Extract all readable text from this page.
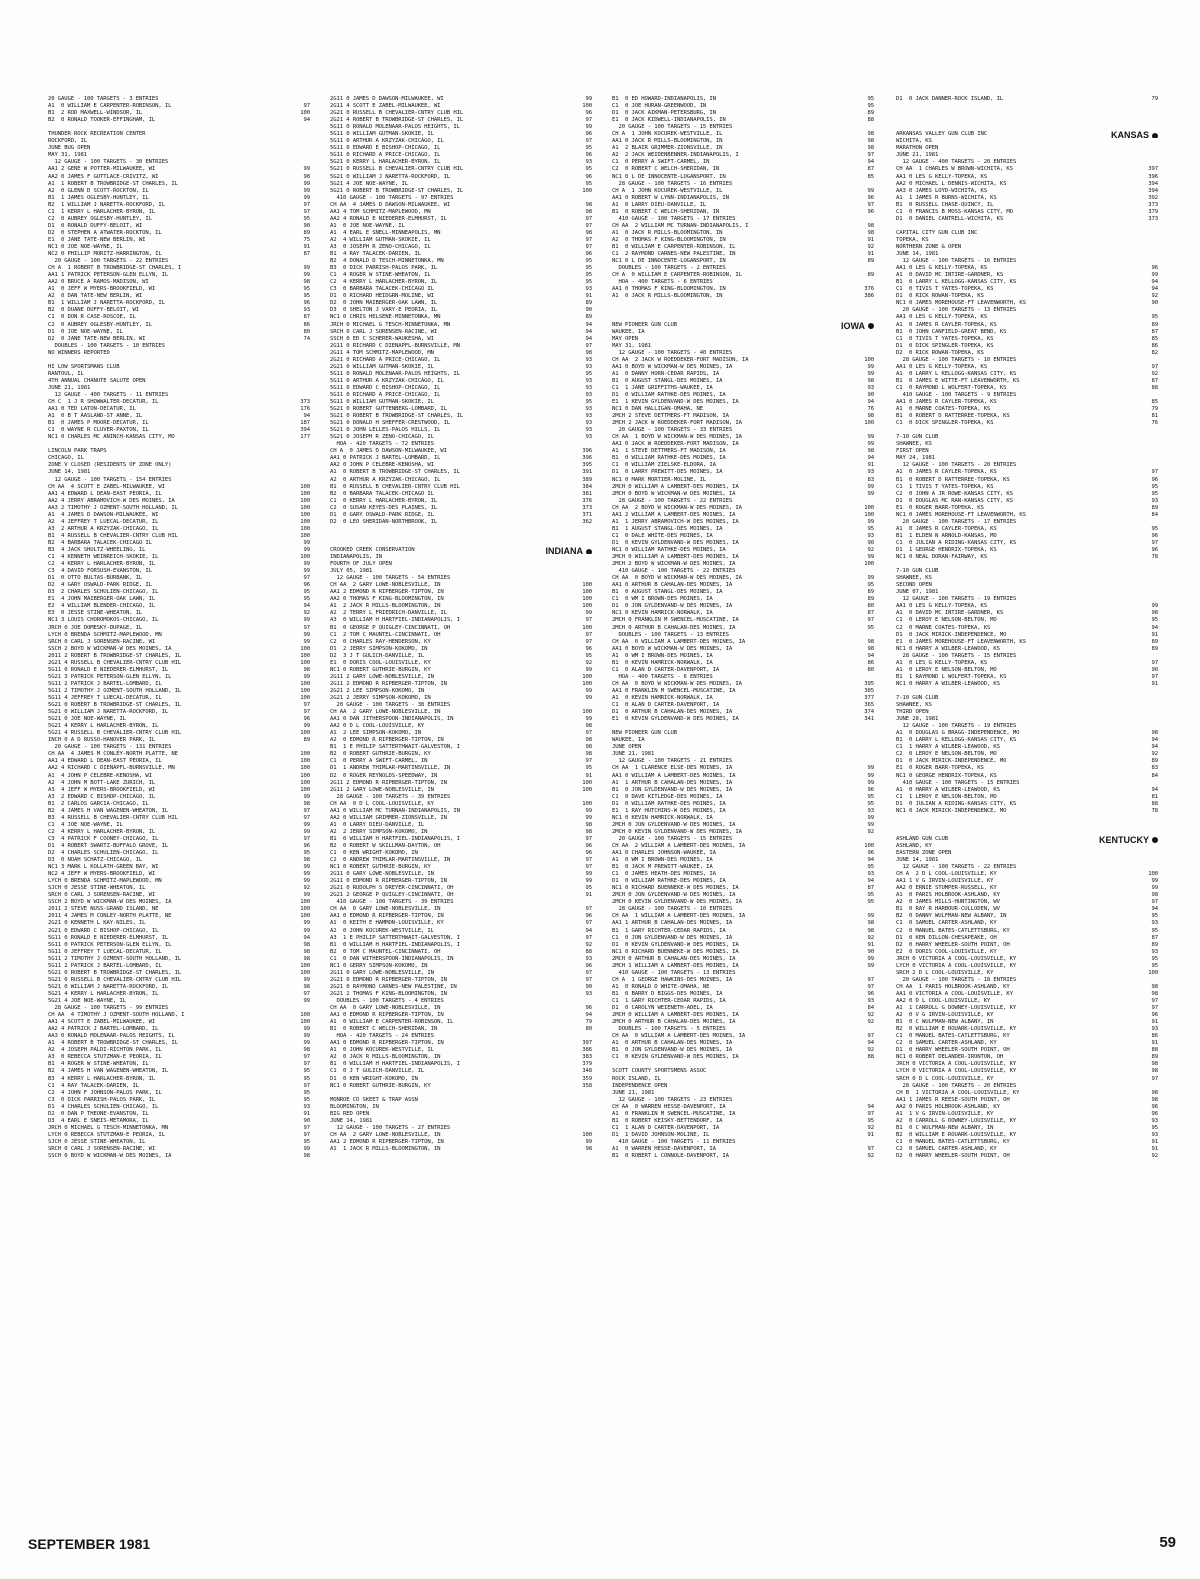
20 GAUGE - 100 TARGETS - 3 ENTRIES
A1  0 WILLIAM E CARPENTER-ROBINSON, IL	97
B1  2 ROD MAXWELL-WINDSOR, IL	100
B2  0 RONALD TOOKER-EFFINGHAM, IL	94
THUNDER ROCK RECREATION CENTER
ROCKFORD, IL
JUNE BUG OPEN
MAY 31, 1981
12 GAUGE - 100 TARGETS - 30 ENTRIES
AA1 2 GENE W POTTER-MILWAUKEE, WI	99
AA2 0 JAMES F GUTTLACE-CRIVITZ, WI	98
A1  1 ROBERT B TROWBRIDGE-ST CHARLES, IL	99
A2  0 GLENN D SCOTT-ROCKTON, IL	99
B1  1 JAMES OGLESBY-HUNTLEY, IL	99
B2  1 WILLIAM J NARETTA-ROCKFORD, IL	97
C1  1 KERRY L HARLACHER-BYRON, IL	97
C2  0 AUBREY OGLESBY-HUNTLEY, IL	95
D1  0 RONALD DUFFY-BELOIT, WI	90
D2  0 STEPHEN A ATWATER-ROCKTON, IL	89
E1  0 JANE TATE-NEW BERLIN, WI	75
NC1 0 JOE NOE-WAYNE, IL	91
NC2 0 PHILLIP MORITZ-HARRINGTON, IL	87
20 GAUGE - 100 TARGETS - 22 ENTRIES
CH A  1 ROBERT B TROWBRIDGE-ST CHARLES, I	99
AA1 1 PATRICK PETERSON-GLEN ELLYN, IL	99
AA2 0 BRUCE A RAMOS-MADISON, WI	98
A1  0 JEFF W MYERS-BROOKFIELD, WI	95
A2  0 DAN TATE-NEW BERLIN, WI	95
B1  1 WILLIAM J NARETTA-ROCKFORD, IL	96
B2  0 DUANE DUFFY-BELOIT, WI	93
C1  0 DON R CASE-ROSCOE, IL	87
C2  0 AUBREY OGLESBY-HUNTLEY, IL	86
D1  0 JOE NOE-WAYNE, IL	80
D2  0 JANE TATE-NEW BERLIN, WI	74
DOUBLES - 100 TARGETS - 10 ENTRIES
NO WINNERS REPORTED
HI LOW SPORTSMANS CLUB
RANTOUL, IL
4TH ANNUAL CHANUTE SALUTE OPEN
JUNE 21, 1981
12 GAUGE - 400 TARGETS - 11 ENTRIES
CH C  1 J R SHOWWALTER-DECATUR, IL	373
AA1 0 TED LATON-DECATUR, IL	176
A1  0 B T AASLAND-ST ANNE, IL	94
B1  0 JAMES P MOORE-DECATUR, IL	187
C1  0 WAYNE R CLUVER-PAXTON, IL	394
NC1 0 CHARLES MC ANINCH-KANSAS CITY, MO	177
LINCOLN PARK TRAPS
CHICAGO, IL
ZONE V CLOSED (RESIDENTS OF ZONE ONLY)
JUNE 14, 1981
12 GAUGE - 100 TARGETS - 154 ENTRIES
CH AA  4 SCOTT E ZABEL-MILWAUKEE, WI	100
AA1 4 EDWARD L DEAN-EAST PEORIA, IL	100
AA2 4 JERRY ABRAMOVICH-W DES MOINES, IA	100
AA3 2 TIMOTHY J OZMENT-SOUTH HOLLAND, IL	100
A1  4 JAMES D DAWSON-MILWAUKEE, WI	100
A2  4 JEFFREY T LUECAL-DECATUR, IL	100
A3  2 ARTHUR A KRZYZAK-CHICAGO, IL	100
B1  4 RUSSELL B CHEVALIER-CNTRY CLUB HIL	100
B2  4 BARBARA TALACEK-CHICAGO IL	99
B3  4 JACK SHULTZ-WHEELING, IL	99
C1  4 KENNETH WEINREICH-SKOKIE, IL	100
C2  4 KERRY L HARLACHER-BYRON, IL	99
C3  4 DAVID FORSUSH-EVANSTON, IL	99
D1  0 OTTO BULTAS-BURBANK, IL	97
D2  4 GARY OSWALD-PARK RIDGE, IL	96
D3  2 CHARLES SCHULIEN-CHICAGO, IL	95
E1  4 JOHN MAIBERGER-OAK LAWN, IL	95
E2  4 WILLIAM BLENDER-CHICAGO, IL	94
E3  0 JESSE STINE-WHEATON, IL	92
NC1 3 LOUIS CHOROMOKOS-CHICAGO, IL	99
JRCH 0 JOE DOMESKY-DUPAGE, IL	97
LYCH 0 BRENDA SCHMITZ-MAPLEWOOD, MN	99
SRCH 0 CARL J SORENSEN-RACINE, WI	99
SSCH 2 BOYD W WICKMAN-W DES MOINES, IA	100
2011 2 ROBERT B TROWBRIDGE-ST CHARLES, IL	100
2G21 4 RUSSELL B CHEVALIER-CNTRY CLUB HIL	100
5G11 0 RONALD E NIEDERER-ELMHURST, IL	98
5G21 3 PATRICK PETERSON-GLEN ELLYN, IL	99
5G11 2 PATRICK J BARTEL-LOMBARD, IL	100
5G11 2 TIMOTHY J OZMENT-SOUTH HOLLAND, IL	100
5G11 4 JEFFREY T LUECAL-DECATUR, IL	100
5G21 0 ROBERT B TROWBRIDGE-ST CHARLES, IL	97
5G21 0 WILLIAM J NARETTA-ROCKFORD, IL	97
5G21 0 JOE NOE-WAYNE, IL	96
5G21 4 KERRY L HARLACHER-BYRON, IL	99
5G21 4 RUSSELL B CHEVALIER-CNTRY CLUB HIL	100
INCH 0 A D RUSSO-HANOVER PARK, IL	89
20 GAUGE - 100 TARGETS - 131 ENTRIES
CH AA  4 JAMES M CONLEY-NORTH PLATTE, NE	100
AA1 4 EDWARD L DEAN-EAST PEORIA, IL	100
AA2 4 RICHARD C DIENAPFL-BURNSVILLE, MN	100
A1  4 JOHN P CELEBRE-KENOSHA, WI	100
A2  4 JOHN M BOTT-LAKE ZURICH, IL	100
A3  4 JEFF W MYERS-BROOKFIELD, WI	100
A3  2 EDWARD C BISHOP-CHICAGO, IL	99
B1  2 CARLOS GARCIA-CHICAGO, IL	98
B2  4 JAMES H VAN WAGENEN-WHEATON, IL	97
B3  4 RUSSELL B CHEVALIER-CNTRY CLUB HIL	97
C1  4 JOE NOE-WAYNE, IL	99
C2  4 KERRY L HARLACHER-BYRON, IL	99
C3  4 PATRICK F COONEY-CHICAGO, IL	97
D1  4 ROBERT SWARTZ-BUFFALO GROVE, IL	96
D2  4 CHARLES SCHULIEN-CHICAGO, IL	95
D3  0 NOAH SCHATZ-CHICAGO, IL	98
NC1 3 MARK L KOLLATH-GREEN BAY, WI	99
NC2 4 JEFF W MYERS-BROOKFIELD, WI	99
LYCH 0 BRENDA SCHMITZ-MAPLEWOOD, MN	99
SJCH 0 JESSE STINE-WHEATON, IL	92
SRCH 0 CARL J SORENSEN-RACINE, WI	99
SSCH 2 BOYD W WICKMAN-W DES MOINES, IA	100
2011 2 STEVE NUSS-GRAND ISLAND, NE	100
2011 4 JAMES M CONLEY-NORTH PLATTE, NE	100
2G21 0 KENNETH L KAY-NILES, IL	99
2G21 0 EDWARD C BISHOP-CHICAGO, IL	99
5G11 0 RONALD E NIEDERER-ELMHURST, IL	94
5G11 0 PATRICK PETERSON-GLEN ELLYN, IL	98
5G11 0 JEFFREY T LUECAL-DECATUR, IL	98
5G11 2 TIMOTHY J OZMENT-SOUTH HOLLAND, IL	98
5G11 2 PATRICK J BARTEL-LOMBARD, IL	100
5G21 0 ROBERT B TROWBRIDGE-ST CHARLES, IL	100
5G21 0 RUSSELL B CHEVALIER-CNTRY CLUB HIL	99
5G21 0 WILLIAM J NARETTA-ROCKFORD, IL	98
5G21 4 KERRY L HARLACHER-BYRON, IL	97
5G21 4 JOE NOE-WAYNE, IL	99
28 GAUGE - 100 TARGETS - 99 ENTRIES
CH AA  4 TIMOTHY J OZMENT-SOUTH HOLLAND, I	100
AA1 4 SCOTT E ZABEL-MILWAUKEE, WI	100
AA2 4 PATRICK J BARTEL-LOMBARD, IL	99
AA3 0 RONALD MOLENAAR-PALOS HEIGHTS, IL	99
A1  4 ROBERT B TROWBRIDGE-ST CHARLES, IL	99
A2  4 JOSEPH PALDI-RICHTON PARK, IL	98
A3  0 REBECCA STUTZMAN-E PEORIA, IL	97
B1  4 ROGER W STINE-WHEATON, IL	97
B2  4 JAMES H VAN WAGENEN-WHEATON, IL	95
B3  4 KERRY L HARLACHER-BYRON, IL	95
C1  4 RAY TALACEK-DARIEN, IL	97
C2  4 JOHN F JOHNSON-PALOS PARK, IL	95
C3  0 DICK PARRISH-PALOS PARK, IL	95
D1  4 CHARLES SCHULIEN-CHICAGO, IL	93
D2  0 DAN P THEONE-EVANSTON, IL	91
D3  4 EARL E SNEIS-METAMORA, IL	90
JRCH 0 MICHAEL G TESCH-MINNETONKA, MN	97
LYCH 0 REBECCA STUTZMAN-E PEORIA, IL	97
SJCH 0 JESSE STINE-WHEATON, IL	95
SRCH 0 CARL J SORENSEN-RACINE, WI	99
SSCH 0 BOYD W WICKMAN-W DES MOINES, IA	98
2G11 0 JAMES D DAWSON-MILWAUKEE, WI	99
2G11 4 SCOTT E ZABEL-MILWAUKEE, WI	100
2G21 0 RUSSELL B CHEVALIER-CNTRY CLUB HIL	96
2G21 4 ROBERT B TROWBRIDGE-ST CHARLES, IL	97
5G11 0 RONALD MOLENAAR-PALOS HEIGHTS, IL	99
5G11 0 WILLIAM GUTMAN-SKOKIE, IL	96
5G11 0 ARTHUR A KRZYZAK-CHICAGO, IL	97
5G11 0 EDWARD E BISHOP-CHICAGO, IL	95
5G11 0 RICHARD A PRICE-CHICAGO, IL	96
5G21 0 KERRY L HARLACHER-BYRON, IL	93
5G21 0 RUSSELL B CHEVALIER-CNTRY CLUB HIL	95
5G21 0 WILLIAM J NARETTA-ROCKFORD, IL	96
5G21 4 JOE NOE-WAYNE, IL	95
5G21 0 ROBERT B TROWBRIDGE-ST CHARLES, IL	100
410 GAUGE - 100 TARGETS - 97 ENTRIES
CH AA  4 JAMES D DAWSON-MILWAUKEE, WI	98
AA1 4 TOM SCHMITZ-MAPLEWOOD, MN	98
AA2 4 RONALD E NIEDERER-ELMHURST, IL	97
A1  0 JOE NOE-WAYNE, IL	97
A1  4 EARL E SNELL-MINNEAPOLIS, MN	98
A2  4 WILLIAM GUTMAN-SKOKIE, IL	97
A3  0 JOSEPH R ZENO-CHICAGO, IL	97
B1  4 RAY TALACEK-DARIEN, IL	96
B2  4 DONALD D TESCH-MINNETONKA, MN	95
B3  0 DICK PARRISH-PALOS PARK, IL	95
C1  4 ROGER W STINE-WHEATON, IL	95
C2  4 KERRY L HARLACHER-BYRON, IL	95
C3  0 BARBARA TALACEK-CHICAGO IL	93
D1  0 RICHARD HEIDGRN-MOLINE, WI	91
D2  0 JOHN MAIBERGER-OAK LAWN, IL	89
D3  0 SHELTON J VARY-E PEORIA, IL	90
NC1 0 CHRIS HELSENE-MINNETONKA, MN	89
JRCH 0 MICHAEL G TESCH-MINNETONKA, MN	94
SRCH 0 CARL J SORENSEN-RACINE, WI	94
SSCH 0 ED C SCHERER-WAUKESHA, WI	94
2G11 0 RICHARD C DIENAPFL-BURNSVILLE, MN	97
2G11 4 TOM SCHMITZ-MAPLEWOOD, MN	98
2G21 0 RICHARD A PRICE-CHICAGO, IL	93
2G21 0 WILLIAM GUTMAN-SKOKIE, IL	93
5G11 0 RONALD MOLENAAR-PALOS HEIGHTS, IL	95
5G11 0 ARTHUR A KRZYZAK-CHICAGO, IL	93
5G11 0 EDWARD C BISHOP-CHICAGO, IL	93
5G11 0 RICHARD A PRICE-CHICAGO, IL	93
5G11 0 WILLIAM GUTMAN-SKOKIE, IL	95
5G21 0 ROBERT GUTTENBERG-LOMBARD, IL	93
5G21 0 ROBERT B TROWBRIDGE-ST CHARLES, IL	93
5G21 0 DONALD H SHEFFER-CRESTWOOD, IL	93
5G21 0 JOHN LELLES-PALOS HILLS, IL	93
5G21 0 JOSEPH R ZENO-CHICAGO, IL	93
HOA - 420 TARGETS - 72 ENTRIES
CH A  0 JAMES D DAWSON-MILWAUKEE, WI	396
AA1 0 PATRICK J BARTEL-LOMBARD, IL	396
AA2 0 JOHN P CELEBRE-KENOSHA, WI	395
A1  0 ROBERT B TROWBRIDGE-ST CHARLES, IL	391
A2  0 ARTHUR A KRZYZAK-CHICAGO, IL	389
B1  0 RUSSELL B CHEVALIER-CNTRY CLUB HIL	384
B2  0 BARBARA TALACEK-CHICAGO IL	381
C1  0 KERRY L HARLACHER-BYRON, IL	376
C2  0 SUSAN KEYES-DES PLAINES, IL	373
D1  0 GARY OSWALD-PARK RIDGE, IL	371
D2  0 LEO SHERIDAN-NORTHBROOK, IL	362
CROOKED CREEK CONSERVATION	INDIANA
INDIANAPOLIS, IN
FOURTH OF JULY OPEN
JULY 05, 1981
12 GAUGE - 100 TARGETS - 54 ENTRIES
CH AA  2 GARY LOWE-NOBLESVILLE, IN	100
AA1 2 EDMOND R RIPBERGER-TIPTON, IN	100
AA2 0 THOMAS F KING-BLOOMINGTON, IN	100
A1  2 JACK R MILLS-BLOOMINGTON, IN	100
A2  2 TERRY L FRIEDRICH-DANVILLE, IL	99
A3  0 WILLIAM H HARTFIEL-INDIANAPOLIS, I	97
B1  0 GEORGE P QUIGLEY-CINCINNATI, OH	100
C1  2 TOM C MAUNTEL-CINCINNATI, OH	97
C2  0 CHARLES RAY-HENDERSON, KY	97
D1  2 JERRY SIMPSON-KOKOMO, IN	96
D2  3 J T GULICH-DANVILLE, IL	95
E1  0 DORIS COOL-LOUISVILLE, KY	92
NC1 0 ROBERT GUTHRIE-BURGIN, KY	99
2G11 2 GARY LOWE-NOBLESVILLE, IN	100
2G11 2 EDMOND R RIPBERGER-TIPTON, IN	100
2G21 2 LEE SIMPSON-KOKOMO, IN	99
2G21 2 JERRY SIMPSON-KOKOMO, IN	99
20 GAUGE - 100 TARGETS - 38 ENTRIES
CH AA  2 GARY LOWE-NOBLESVILLE, IN	100
AA1 0 DAN JITHERSPOON-INDIANAPOLIS, IN	99
AA2 0 D L COOL-LOUISVILLE, KY	98
A1  2 LEE SIMPSON-KOKOMO, IN	97
A2  0 EDMOND R RIPBERGER-TIPTON, IN	98
B1  1 E PHILIP SATTERTHWAIT-GALVESTON, I	98
B2  0 ROBERT GUTHRIE-BURGIN, KY	98
C1  0 PERRY A SWIFT-CARMEL, IN	97
D1  1 ANDREW THIMLAR-MARTINSVILLE, IN	95
D2  0 ROGER REYNOLDS-SPEEDWAY, IN	91
2G11 2 EDMOND R RIPBERGER-TIPTON, IN	100
2G11 2 GARY LOWE-NOBLESVILLE, IN	100
28 GAUGE - 100 TARGETS - 39 ENTRIES
CH AA  0 D L COOL-LOUISVILLE, KY	100
AA1 0 WILLIAM MC TURNAN-INDIANAPOLIS, IN	99
AA2 0 WILLIAM GRIMMER-ZIONSVILLE, IN	99
A1  0 LARRY DIEU-DANVILLE, IL	98
A2  2 JERRY SIMPSON-KOKOMO, IN	98
B1  0 WILLIAM H HARTFIEL-INDIANAPOLIS, I	97
B2  0 ROBERT W SKILLMAN-DAYTON, OH	96
C1  0 KEN WRIGHT-KOKOMO, IN	96
C2  0 ANDREW THIMLAR-MARTINSVILLE, IN	97
NC1 0 ROBERT GUTHRIE-BURGIN, KY	97
2G11 0 GARY LOWE-NOBLESVILLE, IN	99
2G11 0 EDMOND R RIPBERGER-TIPTON, IN	99
2G21 0 RUDOLPH S DREYER-CINCINNATI, OH	95
2G21 2 GEORGE P QUIGLEY-CINCINNATI, OH	91
410 GAUGE - 100 TARGETS - 39 ENTRIES
CH AA  0 GARY LOWE-NOBLESVILLE, IN	97
AA1 0 EDMOND R RIPBERGER-TIPTON, IN	96
A1  0 KEITH E HAMMON-LOUISVILLE, KY	97
A2  0 JOHN KOCUREK-WESTVILLE, IL	94
A3  1 E PHILIP SATTERTHWAIT-GALVESTON, I	97
B1  0 WILLIAM H HARTFIEL-INDIANAPOLIS, I	92
B2  0 TOM C MAUNTEL-CINCINNATI, OH	88
C1  0 DAN WITHERSPOON-INDIANAPOLIS, IN	93
NC1 0 GERRY SIMPSON-KOKOMO, IN	96
2G11 0 GARY LOWE-NOBLESVILLE, IN	97
2G21 0 EDMOND R RIPBERGER-TIPTON, IN	97
2G21 0 RAYMOND CARNES-NEW PALESTINE, IN	90
2G21 2 THOMAS F KING-BLOOMINGTON, IN	93
DOUBLES - 100 TARGETS - 4 ENTRIES
CH AA  0 GARY LOWE-NOBLESVILLE, IN	96
AA1 0 EDMOND R RIPBERGER-TIPTON, IN	94
A1  0 WILLIAM E CARPENTER-ROBINSON, IL	79
B1  0 ROBERT C WELCH-SHERIDAN, IN	80
HOA - 420 TARGETS - 24 ENTRIES
AA1 0 EDMOND R RIPBERGER-TIPTON, IN	397
A1  0 JOHN KOCUREK-WESTVILLE, IL	386
A2  0 JACK R MILLS-BLOOMINGTON, IN	383
B1  0 WILLIAM H HARTFIEL-INDIANAPOLIS, I	379
C1  0 J T GULICH-DANVILLE, IL	348
D1  0 KEN WRIGHT-KOKOMO, IN	359
NC1 0 ROBERT GUTHRIE-BURGIN, KY	358
MONROE CO SKEET & TRAP ASSN
BLOOMINGTON, IN
BIG RED OPEN
JUNE 14, 1981
12 GAUGE - 100 TARGETS - 27 ENTRIES
CH AA  2 GARY LOWE-NOBLESVILLE, IN	100
AA1 2 EDMOND R RIPBERGER-TIPTON, IN	99
A1  1 JACK R MILLS-BLOOMINGTON, IN	98
B1  0 ED HOWARD-INDIANAPOLIS, IN	95
C1  0 JOE HURAN-GREENWOOD, IN	95
D1  0 JACK AIKMAN-PETERSBURG, IN	89
E1  0 JACK KIDWELL-INDIANAPOLIS, IN	88
20 GAUGE - 100 TARGETS - 15 ENTRIES
CH A  1 JOHN KOCUREK-WESTVILLE, IL	98
AA1 0 JACK R MILLS-BLOOMINGTON, IN	98
A1  2 BLAIR GRIMMER-ZIONSVILLE, IN	98
A2  2 JACK WEIDENBENNER-INDIANAPOLIS, I	97
C1  0 PERRY A SWIFT-CARMEL, IN	94
C2  0 ROBERT C WELCH-SHERIDAN, IN	87
NC1 0 L DE INNOCENTE-LOGANSPORT, IN	85
28 GAUGE - 100 TARGETS - 16 ENTRIES
CH A  1 JOHN KOCUREK-WESTVILLE, IL	99
AA1 0 ROBERT W LYNN-INDIANAPOLIS, IN	96
A1  0 LARRY DIEU-DANVILLE, IL	97
B1  0 ROBERT C WELCH-SHERIDAN, IN	96
410 GAUGE - 100 TARGETS - 17 ENTRIES
CH AA  2 WILLIAM MC TURNAN-INDIANAPOLIS, I	98
A1  0 JACK R MILLS-BLOOMINGTON, IN	98
A2  0 THOMAS F KING-BLOOMINGTON, IN	91
B1  0 WILLIAM E CARPENTER-ROBINSON, IL	92
C1  2 RAYMOND CARNES-NEW PALESTINE, IN	91
NC1 0 L DE INNOCENTE-LOGANSPORT, IN	89
DOUBLES - 100 TARGETS - 2 ENTRIES
CH A  0 WILLIAM E CARPENTER-ROBINSON, IL	89
HOA - 400 TARGETS - 6 ENTRIES
AA1 0 THOMAS F KING-BLOOMINGTON, IN	376
A1  0 JACK R MILLS-BLOOMINGTON, IN	386
NEW PIONEER GUN CLUB	IOWA
WAUKEE, IA
MAY OPEN
MAY 31, 1981
12 GAUGE - 100 TARGETS - 40 ENTRIES
CH AA  2 JACK W ROEDDEKER-FORT MADISON, IA	100
AA1 0 BOYD W WICKMAN-W DES MOINES, IA	99
A1  0 DANNY HORN-CEDAR RAPIDS, IA	99
B1  0 AUGUST STANGL-DES MOINES, IA	98
C1  1 JANE GRIFFITHS-WAUKEE, IA	93
D1  0 WILLIAM RATHKE-DES MOINES, IA	90
E1  1 KEVIN GYLDENVAND-W DES MOINES, IA	94
NC1 0 DAN HALLIGAN-OMAHA, NE	76
2MCH 2 STEVE DETTMERS-FT MADISON, IA	98
2MCH 2 JACK W ROEDDEKER-FORT MADISON, IA	100
20 GAUGE - 100 TARGETS - 33 ENTRIES
CH AA  1 BOYD W WICKMAN-W DES MOINES, IA	99
AA1 0 JACK W ROEDDEKER-FORT MADISON, IA	99
A1  1 STEVE DETTMERS-FT MADISON, IA	98
B1  0 WILLIAM RATHKE-DES MOINES, IA	94
C1  0 WILLIAM ZIELSKE-ELDORA, IA	91
D1  0 LARRY PREWITT-DES MOINES, IA	93
NC1 0 MARK MORTIER-MOLINE, IL	83
2MCH 0 WILLIAM A LAMBERT-DES MOINES, IA	99
2MCH 0 BOYD W WICKMAN-W DES MOINES, IA	99
28 GAUGE - 100 TARGETS - 22 ENTRIES
CH AA  2 BOYD W WICKMAN-W DES MOINES, IA	100
AA1 2 WILLIAM A LAMBERT-DES MOINES, IA	100
A1  1 JERRY ABRAMOVICH-W DES MOINES, IA	99
B1  1 AUGUST STANGL-DES MOINES, IA	95
C1  0 DALE WHITE-DES MOINES, IA	93
D1  0 KEVIN GYLDENVAND-W DES MOINES, IA	90
NC1 0 WILLIAM RATHKE-DES MOINES, IA	92
2MCH 0 WILLIAM A LAMBERT-DES MOINES, IA	99
2MCH 2 BOYD W WICKMAN-W DES MOINES, IA	100
410 GAUGE - 100 TARGETS - 22 ENTRIES
CH AA  0 BOYD W WICKMAN-W DES MOINES, IA	99
AA1 0 ARTHUR B CAHALAN-DES MOINES, IA	95
B1  0 AUGUST STANGL-DES MOINES, IA	89
C1  0 WM I BROWN-DES MOINES, IA	89
D1  0 JON GYLDENVAND-W DES MOINES, IA	80
NC1 0 KEVIN HAMRICK-NORWALK, IA	87
2MCH 0 FRANKLIN M SWENCEL-MUSCATINE, IA	97
2MCH 0 ARTHUR B CAHALAN-DES MOINES, IA	95
DOUBLES - 100 TARGETS - 13 ENTRIES
CH AA  0 WILLIAM A LAMBERT-DES MOINES, IA	98
AA1 0 BOYD W WICKMAN-W DES MOINES, IA	98
A1  0 WM I BROWN-DES MOINES, IA	94
B1  0 KEVIN HAMRICK-NORWALK, IA	86
C1  0 ALAN D CARTER-DAVENPORT, IA	80
HOA - 400 TARGETS - 6 ENTRIES
CH AA  0 BOYD W WICKMAN-W DES MOINES, IA	395
AA1 0 FRANKLIN M SWENCEL-MUSCATINE, IA	385
A1  0 KEVIN HAMRICK-NORWALK, IA	377
C1  0 ALAN D CARTER-DAVENPORT, IA	365
D1  0 ARTHUR B CAHALAN-DES MOINES, IA	374
E1  0 KEVIN GYLDENVAND-W DES MOINES, IA	341
NEW PIONEER GUN CLUB
WAUKEE, IA
JUNE OPEN
JUNE 21, 1981
12 GAUGE - 100 TARGETS - 21 ENTRIES
CH AA  1 CLARENCE ELSE-DES MOINES, IA	99
AA1 0 WILLIAM A LAMBERT-DES MOINES, IA	99
A1  1 ARTHUR B CAHALAN-DES MOINES, IA	99
B1  0 JON GYLDENVAND-W DES MOINES, IA	96
C1  0 DAVE KITLEDGE-DES MOINES, IA	95
D1  0 WILLIAM RATHKE-DES MOINES, IA	95
E1  1 RAY HUTCHINS-W DES MOINES, IA	93
NC1 0 KEVIN HAMRICK-NORWALK, IA	99
2MCH 0 JON GYLDENVAND-W DES MOINES, IA	99
2MCH 0 KEVIN GYLDENVAND-W DES MOINES, IA	92
20 GAUGE - 100 TARGETS - 15 ENTRIES
CH AA  2 WILLIAM A LAMBERT-DES MOINES, IA	100
AA1 0 CHARLES JOHNSON-WAUKEE, IA	96
A1  0 WM I BROWN-DES MOINES, IA	94
B1  0 JACK M PREWITT-WAUKEE, IA	95
C1  0 JAMES HEATH-DES MOINES, IA	93
D1  0 WILLIAM RATHKE-DES MOINES, IA	94
NC1 0 RICHARD BUENNEKE-W DES MOINES, IA	87
2MCH 0 JON GYLDENVAND-W DES MOINES, IA	95
2MCH 0 KEVIN GYLDENVAND-W DES MOINES, IA	95
28 GAUGE - 100 TARGETS - 10 ENTRIES
CH AA  1 WILLIAM A LAMBERT-DES MOINES, IA	99
AA1 1 ARTHUR B CAHALAN-DES MOINES, IA	98
B1  1 GARY RICHTER-CEDAR RAPIDS, IA	98
C1  0 JON GYLDENVAND-W DES MOINES, IA	92
D1  0 KEVIN GYLDENVAND-W DES MOINES, IA	91
NC1 0 RICHARD BUENNEKE-W DES MOINES, IA	90
2MCH 0 ARTHUR B CAHALAN-DES MOINES, IA	99
2MCH 1 WILLIAM A LAMBERT-DES MOINES, IA	99
410 GAUGE - 100 TARGETS - 13 ENTRIES
CH A  1 GEORGE HAWKINS-DES MOINES, IA	97
A1  0 RONALD D WHITE-OMAHA, NE	97
B1  0 BARRY D BIGGS-DES MOINES, IA	96
C1  1 GARY RICHTER-CEDAR RAPIDS, IA	93
D1  0 CAROLYN WEIENETH-ADEL, IA	84
2MCH 0 WILLIAM A LAMBERT-DES MOINES, IA	92
2MCH 0 ARTHUR B CAHALAN-DES MOINES, IA	92
DOUBLES - 100 TARGETS - 5 ENTRIES
CH AA  0 WILLIAM A LAMBERT-DES MOINES, IA	97
A1  0 ARTHUR B CAHALAN-DES MOINES, IA	94
B1  0 JON GYLDENVAND-W DES MOINES, IA	92
C1  0 KEVIN GYLDENVAND-W DES MOINES, IA	88
SCOTT COUNTY SPORTSMENS ASSOC
ROCK ISLAND, IL
INDEPENDENCE OPEN
JUNE 21, 1981
12 GAUGE - 100 TARGETS - 23 ENTRIES
CH AA  0 WARREN HESSE-DAVENPORT, IA	94
A1  0 FRANKLIN M SWENCEL-MUSCATINE, IA	97
B1  0 ROBERT KEISKY-BETTENDORF, IA	95
C1  1 ALAN D CARTER-DAVENPORT, IA	92
D1  1 DAVID JOHNSON-MOLINE, IL	91
410 GAUGE - 100 TARGETS - 11 ENTRIES
A1  0 WARREN HESSE-DAVENPORT, IA	97
B1  0 ROBERT L CONNOLE-DAVENPORT, IA	92
D1  0 JACK DANNER-ROCK ISLAND, IL	79
ARKANSAS VALLEY GUN CLUB INC	KANSAS
WICHITA, KS
MARATHON OPEN
JUNE 21, 1981
12 GAUGE - 400 TARGETS - 20 ENTRIES
CH AA  1 CHARLES W BROWN-WICHITA, KS	397
AA1 0 LES G KELLY-TOPEKA, KS	396
AA2 0 MICHAEL L DENNIS-WICHITA, KS	394
AA3 0 JAMES LOYD-WICHITA, KS	394
A1  1 JAMES R BURNS-WICHITA, KS	392
B1  0 RUSSELL CHASE-QUINCY, IL	373
C1  0 FRANCIS B MOSS-KANSAS CITY, MO	379
D1  0 DANIEL CANTRELL-WICHITA, KS	373
CAPITAL CITY GUN CLUB INC
TOPEKA, KS
NORTHERN ZONE & OPEN
JUNE 14, 1981
12 GAUGE - 100 TARGETS - 16 ENTRIES
AA1 0 LES G KELLY-TOPEKA, KS	96
A1  0 DAVID MC INTIRE-GARDNER, KS	99
B1  0 LARRY L KELLOGG-KANSAS CITY, KS	94
C1  0 TIVIS T YATES-TOPEKA, KS	94
D1  0 RICK ROWAN-TOPEKA, KS	92
NC1 0 JAMES MOREHOUSE-FT LEAVENWORTH, KS	90
20 GAUGE - 100 TARGETS - 13 ENTRIES
AA1 0 LES G KELLY-TOPEKA, KS	95
A1  0 JAMES R CAYLER-TOPEKA, KS	89
B1  0 JOHN CANFIELD-GREAT BEND, KS	87
C1  0 TIVIS T YATES-TOPEKA, KS	85
D1  0 DICK SPINGLER-TOPEKA, KS	86
D2  0 RICK ROWAN-TOPEKA, KS	82
28 GAUGE - 100 TARGETS - 10 ENTRIES
AA1 0 LES G KELLY-TOPEKA, KS	97
A1  0 LARRY L KELLOGG-KANSAS CITY, KS	92
B1  0 JAMES E WITTE-FT LEAVENWORTH, KS	87
C1  0 RAYMOND L WOLFERT-TOPEKA, KS	88
410 GAUGE - 100 TARGETS - 9 ENTRIES
AA1 0 JAMES R CAYLER-TOPEKA, KS	85
A1  0 MARNE COATES-TOPEKA, KS	79
B1  0 ROBERT D RATTERREE-TOPEKA, KS	81
C1  0 DICK SPINGLER-TOPEKA, KS	76
7-10 GUN CLUB
SHAWNEE, KS
FIRST OPEN
MAY 24, 1981
12 GAUGE - 100 TARGETS - 20 ENTRIES
A1  0 JAMES R CAYLER-TOPEKA, KS	97
B1  0 ROBERT D RATTERREE-TOPEKA, KS	96
C1  1 TIVIS T YATES-TOPEKA, KS	95
C2  0 JOHN A JR ROWE-KANSAS CITY, KS	95
D1  0 DOUGLAS MC RAN-KANSAS CITY, KS	93
E1  0 ROGER BARR-TOPEKA, KS	89
NC1 0 JAMES MOREHOUSE-FT LEAVENWORTH, KS	84
20 GAUGE - 100 TARGETS - 17 ENTRIES
A1  0 JAMES R CAYLER-TOPEKA, KS	95
B1  1 ELDEN N ARNOLD-KANSAS, MO	96
C1  0 JULIAN A RIDING-KANSAS CITY, KS	97
D1  1 GEORGE HENDRIX-TOPEKA, KS	96
NC1 0 NEAL DORAN-FAIRWAY, KS	78
7-10 GUN CLUB
SHAWNEE, KS
SECOND OPEN
JUNE 07, 1981
12 GAUGE - 100 TARGETS - 19 ENTRIES
AA1 0 LES G KELLY-TOPEKA, KS	99
A1  0 DAVID MC INTIRE-GARDNER, KS	98
C1  0 LEROY E NELSON-BELTON, MO	95
C2  0 MARNE COATES-TOPEKA, KS	94
D1  0 JACK MIRICK-INDEPENDENCE, MO	91
E1  0 JAMES MOREHOUSE-FT LEAVENWORTH, KS	89
NC1 0 HARRY A WILBER-LEAWOOD, KS	89
28 GAUGE - 100 TARGETS - 15 ENTRIES
A1  0 LES G KELLY-TOPEKA, KS	97
A1  0 LEROY E NELSON-BELTON, MO	90
B1  1 RAYMOND L WOLFERT-TOPEKA, KS	97
NC1 0 HARRY A WILBER-LEAWOOD, KS	91
7-10 GUN CLUB
SHAWNEE, KS
THIRD OPEN
JUNE 28, 1981
12 GAUGE - 100 TARGETS - 19 ENTRIES
A1  0 DOUGLAS G BRAGG-INDEPENDENCE, MO	98
B1  0 LARRY L KELLOGG-KANSAS CITY, KS	94
C1  1 HARRY A WILBER-LEAWOOD, KS	94
C2  0 LEROY E NELSON-BELTON, MO	92
D1  0 JACK MIRICK-INDEPENDENCE, MO	89
E1  0 ROGER BARR-TOPEKA, KS	83
NC1 0 GEORGE HENDRIX-TOPEKA, KS	84
410 GAUGE - 100 TARGETS - 15 ENTRIES
A1  0 HARRY A WILBER-LEAWOOD, KS	94
C1  1 LEROY E NELSON-BELTON, MO	81
D1  0 JULIAN A RIDING-KANSAS CITY, KS	88
NC1 0 JACK MIRICK-INDEPENDENCE, MO	78
ASHLAND GUN CLUB	KENTUCKY
ASHLAND, KY
EASTERN ZONE OPEN
JUNE 14, 1981
12 GAUGE - 100 TARGETS - 22 ENTRIES
CH A  2 D L COOL-LOUISVILLE, KY	100
AA1 1 V G IRVIN-LOUISVILLE, KY	99
AA2 0 ERNIE STUMPER-RUSSELL, KY	99
A1  0 PARIS HOLBROOK-ASHLAND, KY	98
A2  0 JAMES MILLS-HUNTINGTON, WV	97
B1  0 RAY R HARBOUR-CULLODEN, WV	94
B2  0 DANNY WULFMAN-NEW ALBANY, IN	95
C1  0 SAMUEL CARTER-ASHLAND, KY	93
C2  0 MANUEL BATES-CATLETTSBURG, KY	95
D1  0 KEN DILLON-CHESAPEAKE, OH	87
D2  0 HARRY WHEELER-SOUTH POINT, OH	89
E2  0 DORIS COOL-LOUISVILLE, KY	93
JRCH 0 VICTORIA A COOL-LOUISVILLE, KY	95
LYCH 0 VICTORIA A COOL-LOUISVILLE, KY	95
SRCH 2 D L COOL-LOUISVILLE, KY	100
20 GAUGE - 100 TARGETS - 18 ENTRIES
CH AA  1 PARIS HOLBROOK-ASHLAND, KY	98
AA1 0 VICTORIA A COOL-LOUISVILLE, KY	98
AA2 0 D L COOL-LOUISVILLE, KY	97
A1  1 CARROLL G DOWNEY-LOUISVILLE, KY	97
A2  0 V G IRVIN-LOUISVILLE, KY	96
B1  0 C WULFMAN-NEW ALBANY, IN	91
B2  0 WILLIAM E ROUARK-LOUISVILLE, KY	93
C1  0 MANUEL BATES-CATLETTSBURG, KY	86
C2  0 SAMUEL CARTER-ASHLAND, KY	91
D1  0 HARRY WHEELER-SOUTH POINT, OH	88
NC1 0 ROBERT DELANDER-IRONTON, OH	89
JRCH 0 VICTORIA A COOL-LOUISVILLE, KY	98
LYCH 0 VICTORIA A COOL-LOUISVILLE, KY	98
SRCH 0 D L COOL-LOUISVILLE, KY	97
28 GAUGE - 100 TARGETS - 20 ENTRIES
CH B  1 VICTORIA A COOL-LOUISVILLE, KY	98
AA1 1 JAMES R REESE-SOUTH POINT, OH	98
AA2 0 PARIS HOLBROOK-ASHLAND, KY	96
A1  1 V G IRVIN-LOUISVILLE, KY	96
A2  0 CARROLL G DOWNEY-LOUISVILLE, KY	93
B1  0 C WULFMAN-NEW ALBANY, IN	95
B2  0 WILLIAM E ROUARK-LOUISVILLE, KY	93
C1  0 MANUEL BATES-CATLETTSBURG, KY	91
C2  0 SAMUEL CARTER-ASHLAND, KY	91
D2  0 HARRY WHEELER-SOUTH POINT, OH	92
SEPTEMBER 1981	59
